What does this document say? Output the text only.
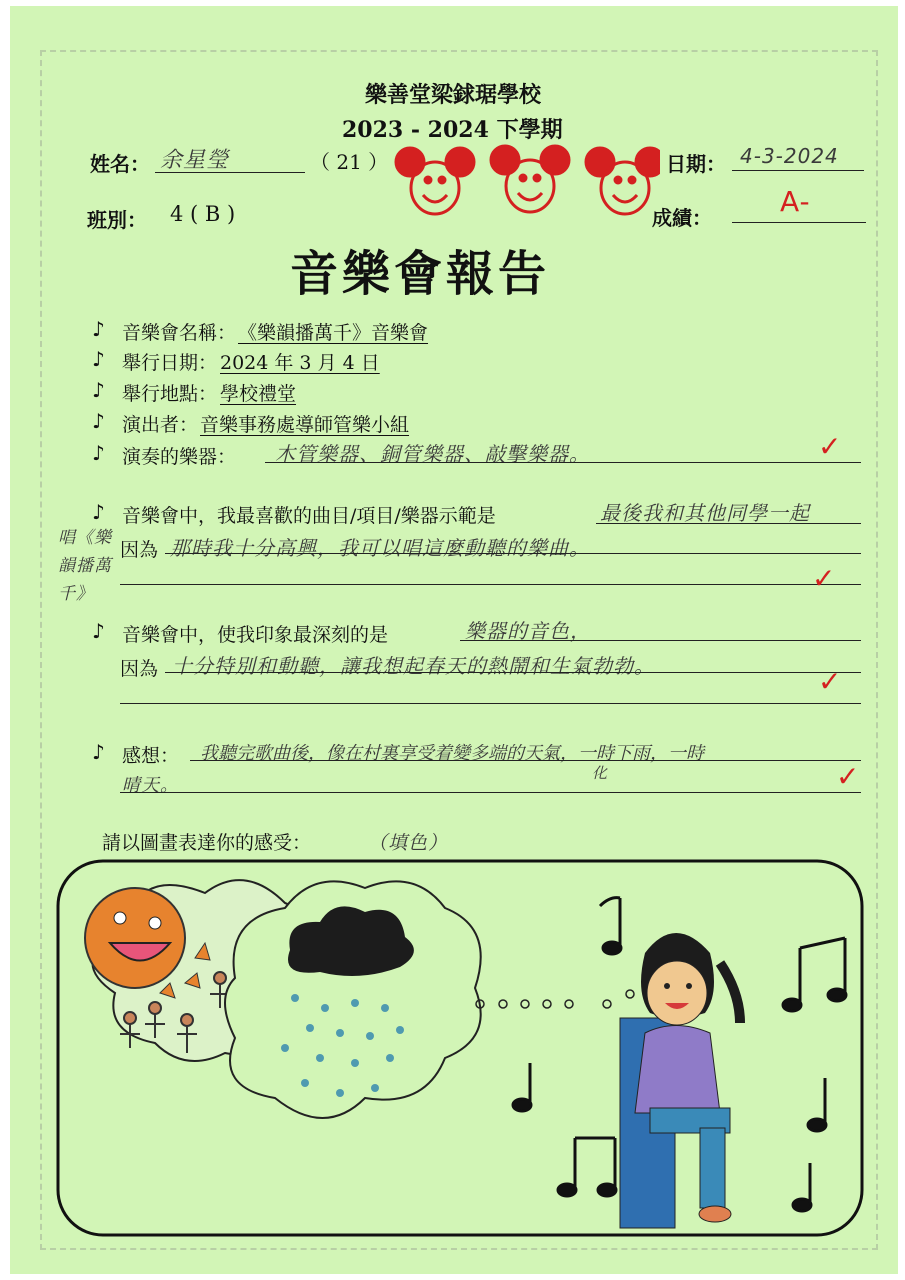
樂善堂梁銶琚學校
2023 - 2024 下學期
姓名： 余星瑩	（ 21 ）	日期： 4-3-2024
班別： 4 ( B )	成績： A-
音樂會報告
♪ 音樂會名稱： 《樂韻播萬千》音樂會
♪ 舉行日期： 2024 年 3 月 4 日
♪ 舉行地點： 學校禮堂
♪ 演出者： 音樂事務處導師管樂小組
♪ 演奏的樂器： 木管樂器、銅管樂器、敲擊樂器。	✓
♪ 音樂會中，我最喜歡的曲目/項目/樂器示範是	最後我和其他同學一起
唱《樂韻播萬千》
因為 那時我十分高興，我可以唱這麼動聽的樂曲。
✓
♪ 音樂會中，使我印象最深刻的是	樂器的音色，
因為 十分特別和動聽，讓我想起春天的熱鬧和生氣勃勃。	✓
♪ 感想： 我聽完歌曲後，像在村裏享受着變多端的天氣，一時下雨，一時
化
晴天。	✓
請以圖畫表達你的感受：	（填色）
